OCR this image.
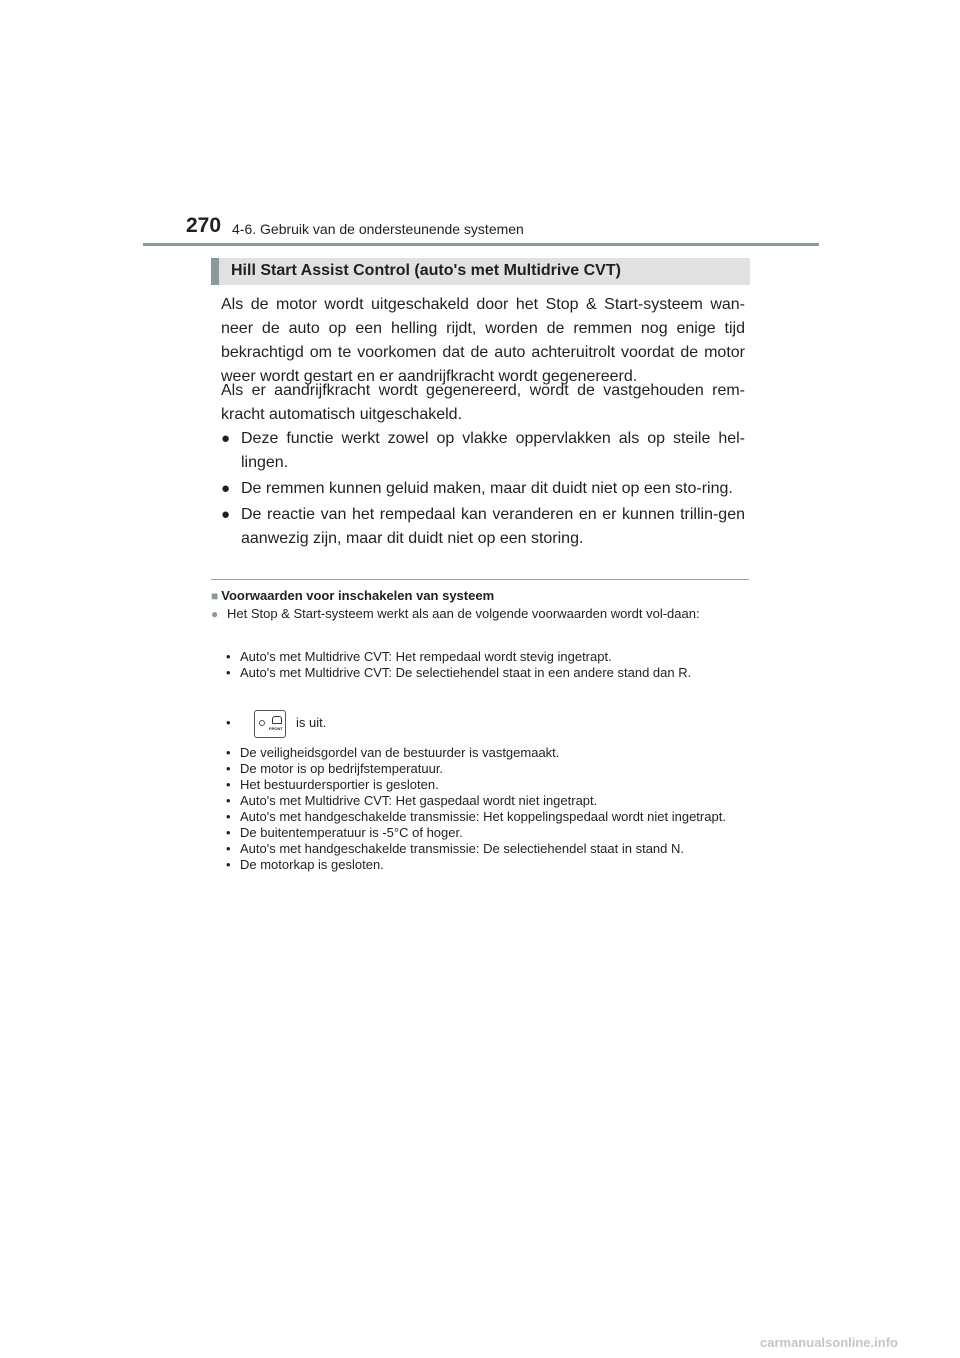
270 4-6. Gebruik van de ondersteunende systemen
Hill Start Assist Control (auto's met Multidrive CVT)

Als de motor wordt uitgeschakeld door het Stop & Start-systeem wan-neer de auto op een helling rijdt, worden de remmen nog enige tijd bekrachtigd om te voorkomen dat de auto achteruitrolt voordat de motor weer wordt gestart en er aandrijfkracht wordt gegenereerd.

Als er aandrijfkracht wordt gegenereerd, wordt de vastgehouden rem-kracht automatisch uitgeschakeld.

● Deze functie werkt zowel op vlakke oppervlakken als op steile hel-lingen.
● De remmen kunnen geluid maken, maar dit duidt niet op een sto-ring.
● De reactie van het rempedaal kan veranderen en er kunnen trillin-gen aanwezig zijn, maar dit duidt niet op een storing.
■ Voorwaarden voor inschakelen van systeem
● Het Stop & Start-systeem werkt als aan de volgende voorwaarden wordt vol-daan:
• Auto's met Multidrive CVT: Het rempedaal wordt stevig ingetrapt.
• Auto's met Multidrive CVT: De selectiehendel staat in een andere stand dan R.
•	FRONT is uit.
• De veiligheidsgordel van de bestuurder is vastgemaakt.
• De motor is op bedrijfstemperatuur.
• Het bestuurdersportier is gesloten.
• Auto's met Multidrive CVT: Het gaspedaal wordt niet ingetrapt.
• Auto's met handgeschakelde transmissie: Het koppelingspedaal wordt niet ingetrapt.
• De buitentemperatuur is -5°C of hoger.
• Auto's met handgeschakelde transmissie: De selectiehendel staat in stand N.
• De motorkap is gesloten.
carmanualsonline.info
